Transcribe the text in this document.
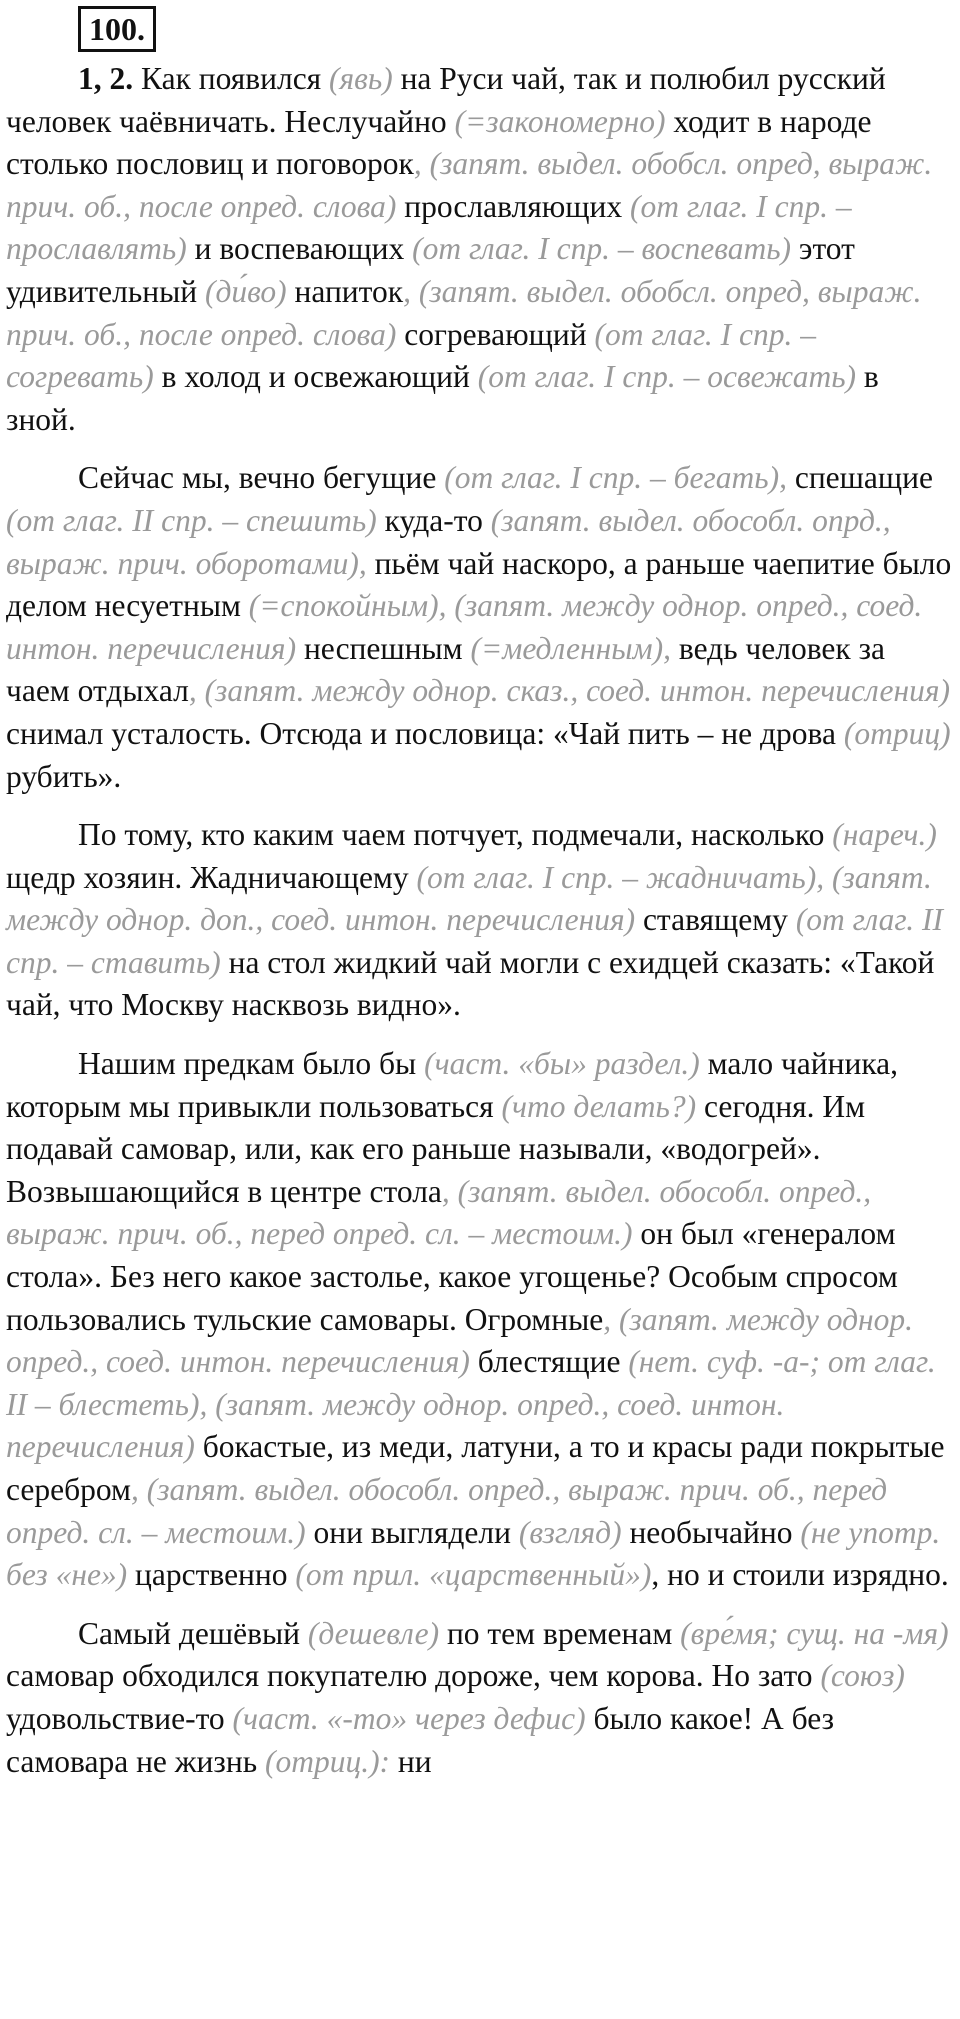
100.

1, 2. Как появился (явь) на Руси чай, так и полюбил русский человек чаёвничать. Неслучайно (=закономерно) ходит в народе столько пословиц и поговорок, (запят. выдел. обобсл. опред, выраж. прич. об., после опред. слова) прославляющих (от глаг. I спр. – прославлять) и воспевающих (от глаг. I спр. – воспевать) этот удивительный (ди́во) напиток, (запят. выдел. обобсл. опред, выраж. прич. об., после опред. слова) согревающий (от глаг. I спр. – согревать) в холод и освежающий (от глаг. I спр. – освежать) в зной.

Сейчас мы, вечно бегущие (от глаг. I спр. – бегать), спешащие (от глаг. II спр. – спешить) куда-то (запят. выдел. обособл. опрд., выраж. прич. оборотами), пьём чай наскоро, а раньше чаепитие было делом несуетным (=спокойным), (запят. между однор. опред., соед. интон. перечисления) неспешным (=медленным), ведь человек за чаем отдыхал, (запят. между однор. сказ., соед. интон. перечисления) снимал усталость. Отсюда и пословица: «Чай пить – не дрова (отриц) рубить».

По тому, кто каким чаем потчует, подмечали, насколько (нареч.) щедр хозяин. Жадничающему (от глаг. I спр. – жадничать), (запят. между однор. доп., соед. интон. перечисления) ставящему (от глаг. II спр. – ставить) на стол жидкий чай могли с ехидцей сказать: «Такой чай, что Москву насквозь видно».

Нашим предкам было бы (част. «бы» раздел.) мало чайника, которым мы привыкли пользоваться (что делать?) сегодня. Им подавай самовар, или, как его раньше называли, «водогрей». Возвышающийся в центре стола, (запят. выдел. обособл. опред., выраж. прич. об., перед опред. сл. – местоим.) он был «генералом стола». Без него какое застолье, какое угощенье? Особым спросом пользовались тульские самовары. Огромные, (запят. между однор. опред., соед. интон. перечисления) блестящие (нет. суф. -а-; от глаг. II – блестеть), (запят. между однор. опред., соед. интон. перечисления) бокастые, из меди, латуни, а то и красы ради покрытые серебром, (запят. выдел. обособл. опред., выраж. прич. об., перед опред. сл. – местоим.) они выглядели (взгляд) необычайно (не употр. без «не») царственно (от прил. «царственный»), но и стоили изрядно.

Самый дешёвый (дешевле) по тем временам (вре́мя; сущ. на -мя) самовар обходился покупателю дороже, чем корова. Но зато (союз) удовольствие-то (част. «-то» через дефис) было какое! А без самовара не жизнь (отриц.): ни
